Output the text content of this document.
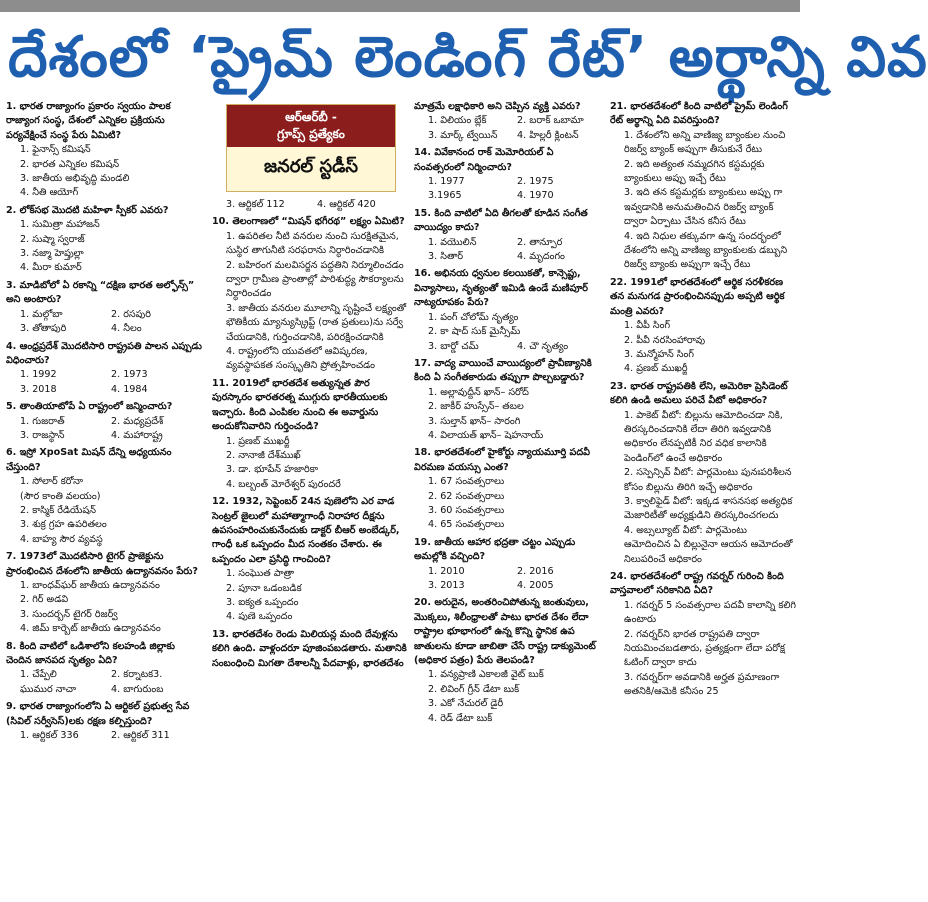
దేశంలో ‘ప్రైమ్ లెండింగ్ రేట్’ అర్థాన్ని వివ
1. భారత రాజ్యాంగం ప్రకారం స్వయం పాలక రాజ్యాంగ సంస్థ, దేశంలో ఎన్నికల ప్రక్రియను పర్యవేక్షించే సంస్థ పేరు ఏమిటి?
1. ఫైనాన్స్ కమిషన్
2. భారత ఎన్నికల కమిషన్
3. జాతీయ అభివృద్ధి మండలి
4. నీతి ఆయోగ్
2. లోక్‌సభ మొదటి మహిళా స్పీకర్ ఎవరు?
1. సుమిత్రా మహాజన్
2. సుష్మా స్వరాజ్
3. నజ్మా హెప్తుల్లా
4. మీరా కుమార్
3. మాడిబోలో ఏ రకాన్ని “దక్షిణ భారత అల్ఫోన్స్” అని అంటారు?
1. మల్గోబా	2. రసపురి
3. తోతాపురి	4. నీలం
4. ఆంధ్రప్రదేశ్ మొదటిసారి రాష్ట్రపతి పాలన ఎప్పుడు విధించారు?
1. 1992	2. 1973
3. 2018	4. 1984
5. తాంతియాటోపే ఏ రాష్ట్రంలో జన్మించారు?
1. గుజరాత్	2. మధ్యప్రదేశ్
3. రాజస్థాన్	4. మహారాష్ట్ర
6. ఇస్రో XpoSat మిషన్ దేన్ని అధ్యయనం చేస్తుంది?
1. సోలార్ కరోనా
(సౌర కాంతి వలయం)
2. కాస్మిక్ రేడియేషన్
3. శుక్ర గ్రహ ఉపరితలం
4. బాహ్య సౌర వ్యవస్థ
7. 1973లో మొదటిసారి టైగర్ ప్రాజెక్టును ప్రారంభించిన దేశంలోని జాతీయ ఉద్యానవనం పేరు?
1. బాంధవ్‌ఘర్ జాతీయ ఉద్యానవనం
2. గిర్ అడవి
3. సుందర్బన్ టైగర్ రిజర్వ్
4. జిమ్ కార్బెట్ జాతీయ ఉద్యానవనం
8. కింది వాటిలో ఒడిశాలోని కలహండి జిల్లాకు చెందిన జానపద నృత్యం ఏది?
1. చేప్పేలి	2. కర్నాటక3.
ఘుముర నాచా	4. బాగురుంబ
9. భారత రాజ్యాంగంలోని ఏ ఆర్టికల్ ప్రభుత్వ సేవ (సివిల్ సర్వీసెస్)లకు రక్షణ కల్పిస్తుంది?
1. ఆర్టికల్ 336	2. ఆర్టికల్ 311
ఆర్ఆర్‌బీ -
గ్రూప్స్ ప్రత్యేకం
జనరల్ స్టడీస్
3. ఆర్టికల్ 112	4. ఆర్టికల్ 420
10. తెలంగాణలో “మిషన్ భగీరథ” లక్ష్యం ఏమిటి?
1. ఉపరితల నీటి వనరుల నుంచి సురక్షితమైన, సుస్థిర తాగునీటి సరఫరాను నిర్ధారించడానికి
2. బహిరంగ మలవిసర్జన పద్ధతిని నిర్మూలించడం ద్వారా గ్రామీణ ప్రాంతాల్లో పారిశుద్ధ్య సౌకర్యాలను నిర్ధారించడం
3. జాతీయ వనరుల మూలాన్ని సృష్టించే లక్ష్యంతో భౌతికీయ మ్యాన్యుస్క్రిప్ట్ (రాత ప్రతులు)ను సర్వే చేయడానికి, గుర్తించడానికి, పరిరక్షించడానికి
4. రాష్ట్రంలోని యువతలో ఆవిష్కరణ, వ్యవస్థాపకత సంస్కృతిని ప్రోత్సహించడం
11. 2019లో భారతదేశ అత్యున్నత పౌర పురస్కారం భారతరత్న ముగ్గురు భారతీయులకు ఇచ్చారు. కింది ఎంపికల నుంచి ఈ అవార్డును అందుకోనివారిని గుర్తించండి?
1. ప్రణబ్ ముఖర్జీ
2. నానాజీ దేశ్‌ముఖ్
3. డా. భూపేన్ హజారికా
4. బల్బంత్ మోరేశ్వర్ పురందరే
12. 1932, సెప్టెంబర్ 24న పుణెలోని ఎర వాడ సెంట్రల్ జైలులో మహాత్మాగాంధీ నిరాహార దీక్షను ఉపసంహరించుకునేందుకు డాక్టర్ బీఆర్ అంబేడ్కర్, గాంధీ ఒక ఒప్పందం మీద సంతకం చేశారు. ఈ ఒప్పందం ఎలా ప్రసిద్ధి గాంచింది?
1. సంఘొత పాత్రా
2. పూనా ఒడంబడిక
3. ఐక్యత ఒప్పందం
4. పుణె ఒప్పందం
13. భారతదేశం రెండు మిలియన్ల మంది దేవుళ్లను కలిగి ఉంది. వాళ్లందరూ పూజింపబడతారు. మతానికి సంబంధించి మిగతా దేశాలన్నీ పేదవాళ్లు, భారతదేశం
మాత్రమే లక్షాధికారి అని చెప్పిన వ్యక్తి ఎవరు?
1. విలియం బ్లేక్	2. బరాక్ ఒబామా
3. మార్క్ ట్వేయిన్	4. హిల్లరీ క్లింటన్
14. వివేకానంద రాక్ మెమోరియల్ ఏ సంవత్సరంలో నిర్మించారు?
1. 1977	2. 1975
3.1965	4. 1970
15. కింది వాటిలో ఏది తీగలతో కూడిన సంగీత వాయిద్యం కాదు?
1. వయొలిన్	2. తాన్పూర
3. సితార్	4. మృదంగం
16. అభినయ ధ్వనుల కలయికతో, కాన్సెప్టు, విన్యాసాలు, నృత్యంతో ఇమిడి ఉండే మణిపూర్ నాట్యరూపకం పేరు?
1. పంగ్ చోలోమ్ నృత్యం
2. కా షాద్ సుక్ మైన్సీమ్
3. బార్డో చమ్	4. చౌ నృత్యం
17. వాద్య వాయించే వాయిద్యంలో ప్రావీణ్యానికి కింది ఏ సంగీతకారుడు తప్పుగా పొల్చబడ్డారు?
1. అల్లావుద్దీన్ ఖాన్– సరోద్
2. జాకీర్ హుస్సేన్– తబల
3. సుల్తాన్ ఖాన్– సారంగి
4. విలాయత్ ఖాన్– షెహనాయ్
18. భారతదేశంలో హైకోర్టు న్యాయమూర్తి పదవీ విరమణ వయస్సు ఎంత?
1. 67 సంవత్సరాలు
2. 62 సంవత్సరాలు
3. 60 సంవత్సరాలు
4. 65 సంవత్సరాలు
19. జాతీయ ఆహార భద్రతా చట్టం ఎప్పుడు అమల్లోకి వచ్చింది?
1. 2010	2. 2016
3. 2013	4. 2005
20. అరుదైన, అంతరించిపోతున్న జంతువులు, మొక్కలు, శిలీంధ్రాలతో పాటు భారత దేశం లేదా రాష్ట్రాల భూభాగంలో ఉన్న కొన్ని స్థానిక ఉప జాతులను కూడా జాబితా చేసే రాష్ట్ర డాక్యుమెంట్ (అధికార పత్రం) పేరు తెలపండి?
1. వన్యప్రాణి ఎకాలజీ వైట్ బుక్
2. లివింగ్ గ్రీన్ డేటా బుక్
3. ఎకో నేచురల్ డైరీ
4. రెడ్ డేటా బుక్
21. భారతదేశంలో కింది వాటిలో ప్రైమ్ లెండింగ్ రేట్ అర్థాన్ని ఏది వివరిస్తుంది?
1. దేశంలోని అన్ని వాణిజ్య బ్యాంకుల నుంచి రిజర్వ్ బ్యాంక్ అప్పుగా తీసుకునే రేటు
2. ఇది అత్యంత నమ్మదగిన కస్టమర్లకు బ్యాంకులు అప్పు ఇచ్చే రేటు
3. ఇది తన కస్టమర్లకు బ్యాంకులు అప్పు గా ఇవ్వడానికి అనుమతించిన రిజర్వ్ బ్యాంక్ ద్వారా ఏర్పాటు చేసిన కనీస రేటు
4. ఇది నిధుల తక్కువగా ఉన్న సందర్భంలో దేశంలోని అన్ని వాణిజ్య బ్యాంకులకు డబ్బుని రిజర్వ్ బ్యాంకు అప్పుగా ఇచ్చే రేటు
22. 1991లో భారతదేశంలో ఆర్థిక సరళీకరణ తన మనుగడ ప్రారంభించినప్పుడు అప్పటి ఆర్థిక మంత్రి ఎవరు?
1. వీపీ సింగ్
2. పీవీ నరసింహారావు
3. మన్మోహన్ సింగ్
4. ప్రణబ్ ముఖర్జీ
23. భారత రాష్ట్రపతికి లేని, అమెరికా ప్రెసిడెంట్ కలిగి ఉండి అమలు పరిచే వీటో అధికారం?
1. పాకెట్ వీటో: బిల్లును ఆమోదించడా నికి, తిరస్కరించడానికి లేదా తిరిగి ఇవ్వడానికి అధికారం లేనప్పటికీ నిర వధిక కాలానికి పెండింగ్‌లో ఉంచే అధికారం
2. సస్పెన్సివ్ వీటో: పార్లమెంటు పునఃపరిశీలన కోసం బిల్లును తిరిగి ఇచ్చే అధికారం
3. క్వాలిఫైడ్ వీటో: ఇక్కడ శాసనసభ అత్యధిక మెజారిటీతో అధ్యక్షుడిని తిరస్కరించగలదు
4. అబ్సల్యూట్ వీటో: పార్లమెంటు ఆమోదించిన ఏ బిల్లునైనా ఆయన ఆమోదంతో నిలుపరించే అధికారం
24. భారతదేశంలో రాష్ట్ర గవర్నర్ గురించి కింది వాస్తవాలలో సరికానిది ఏది?
1. గవర్నర్ 5 సంవత్సరాల పదవీ కాలాన్ని కలిగి ఉంటారు
2. గవర్నర్‌ని భారత రాష్ట్రపతి ద్వారా నియమించబడతారు, ప్రత్యక్షంగా లేదా పరోక్ష ఓటింగ్ ద్వారా కాదు
3. గవర్నర్‌గా అవడానికి అర్హత ప్రమాణంగా అతనికి/ఆమెకి కనీసం 25
